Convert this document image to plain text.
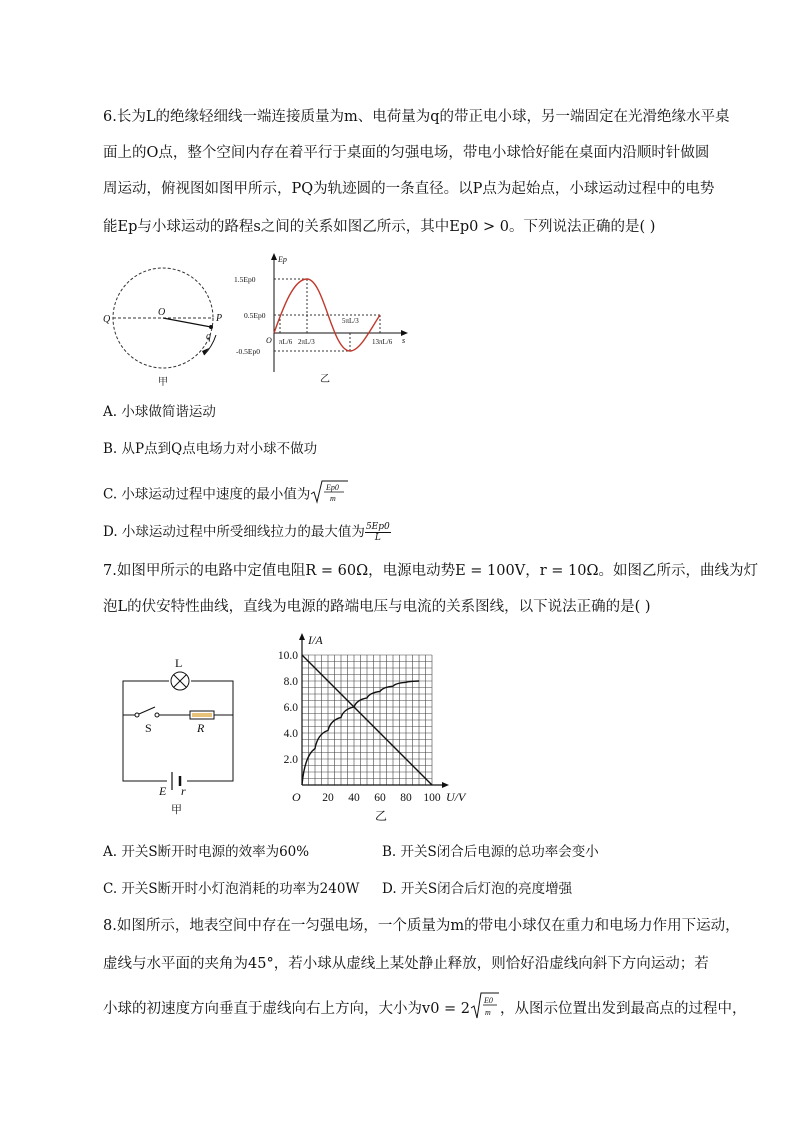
6.长为L的绝缘轻细线一端连接质量为m、电荷量为q的带正电小球，另一端固定在光滑绝缘水平桌
面上的O点，整个空间内存在着平行于桌面的匀强电场，带电小球恰好能在桌面内沿顺时针做圆
周运动，俯视图如图甲所示，PQ为轨迹圆的一条直径。以P点为起始点，小球运动过程中的电势
能Ep与小球运动的路程s之间的关系如图乙所示，其中Ep0 > 0。下列说法正确的是( )
Q
O
P
q
甲
Ep
s
O
1.5Ep0
0.5Ep0
-0.5Ep0
πL/6 2πL/3
5πL/3
13πL/6
乙
A. 小球做简谐运动
B. 从P点到Q点电场力对小球不做功
C. 小球运动过程中速度的最小值为 Ep0
m
D. 小球运动过程中所受细线拉力的最大值为 $\frac{5Ep0}{L}$
7.如图甲所示的电路中定值电阻R = 60Ω，电源电动势E = 100V，r = 10Ω。如图乙所示，曲线为灯
泡L的伏安特性曲线，直线为电源的路端电压与电流的关系图线，以下说法正确的是( )
L
S	R
E r
甲
I/A
U/V
O
10.0
8.0
6.0
4.0
2.0
20 40 60 80 100
乙
A. 开关S断开时电源的效率为60%	B. 开关S闭合后电源的总功率会变小
C. 开关S断开时小灯泡消耗的功率为240W D. 开关S闭合后灯泡的亮度增强
8.如图所示，地表空间中存在一匀强电场，一个质量为m的带电小球仅在重力和电场力作用下运动，
虚线与水平面的夹角为45°，若小球从虚线上某处静止释放，则恰好沿虚线向斜下方向运动；若
小球的初速度方向垂直于虚线向右上方向，大小为v0 = 2
E0
m ，从图示位置出发到最高点的过程中，
